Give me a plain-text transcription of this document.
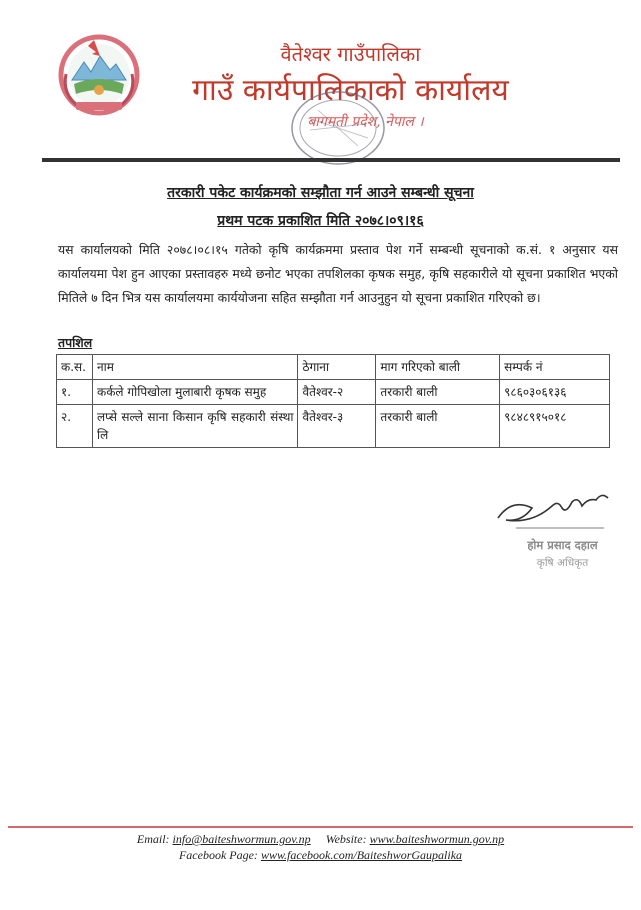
वैतेश्वर गाउँपालिका
गाउँ कार्यपालिकाको कार्यालय
बागमती प्रदेश, नेपाल ।
तरकारी पकेट कार्यक्रमको सम्झौता गर्न आउने सम्बन्धी सूचना
प्रथम पटक प्रकाशित मिति २०७८।०९।१६
यस कार्यालयको मिति २०७८।०८।१५ गतेको कृषि कार्यक्रममा प्रस्ताव पेश गर्ने सम्बन्धी सूचनाको क.सं. १ अनुसार यस कार्यालयमा पेश हुन आएका प्रस्तावहरु मध्ये छनोट भएका तपशिलका कृषक समुह, कृषि सहकारीले यो सूचना प्रकाशित भएको मितिले ७ दिन भित्र यस कार्यालयमा कार्ययोजना सहित सम्झौता गर्न आउनुहुन यो सूचना प्रकाशित गरिएको छ।
तपशिल
क.स.	नाम	ठेगाना	माग गरिएको बाली	सम्पर्क नं
१.	कर्कले गोपिखोला मुलाबारी कृषक समुह	वैतेश्वर-२	तरकारी बाली	९८६०३०६१३६
२.	लप्से सल्ले साना किसान कृषि सहकारी संस्था लि	वैतेश्वर-३	तरकारी बाली	९८४८९१५०१८
होम प्रसाद दहाल
कृषि अधिकृत
Email: info@baiteshwormun.gov.np Website: www.baiteshwormun.gov.np
Facebook Page: www.facebook.com/BaiteshworGaupalika
